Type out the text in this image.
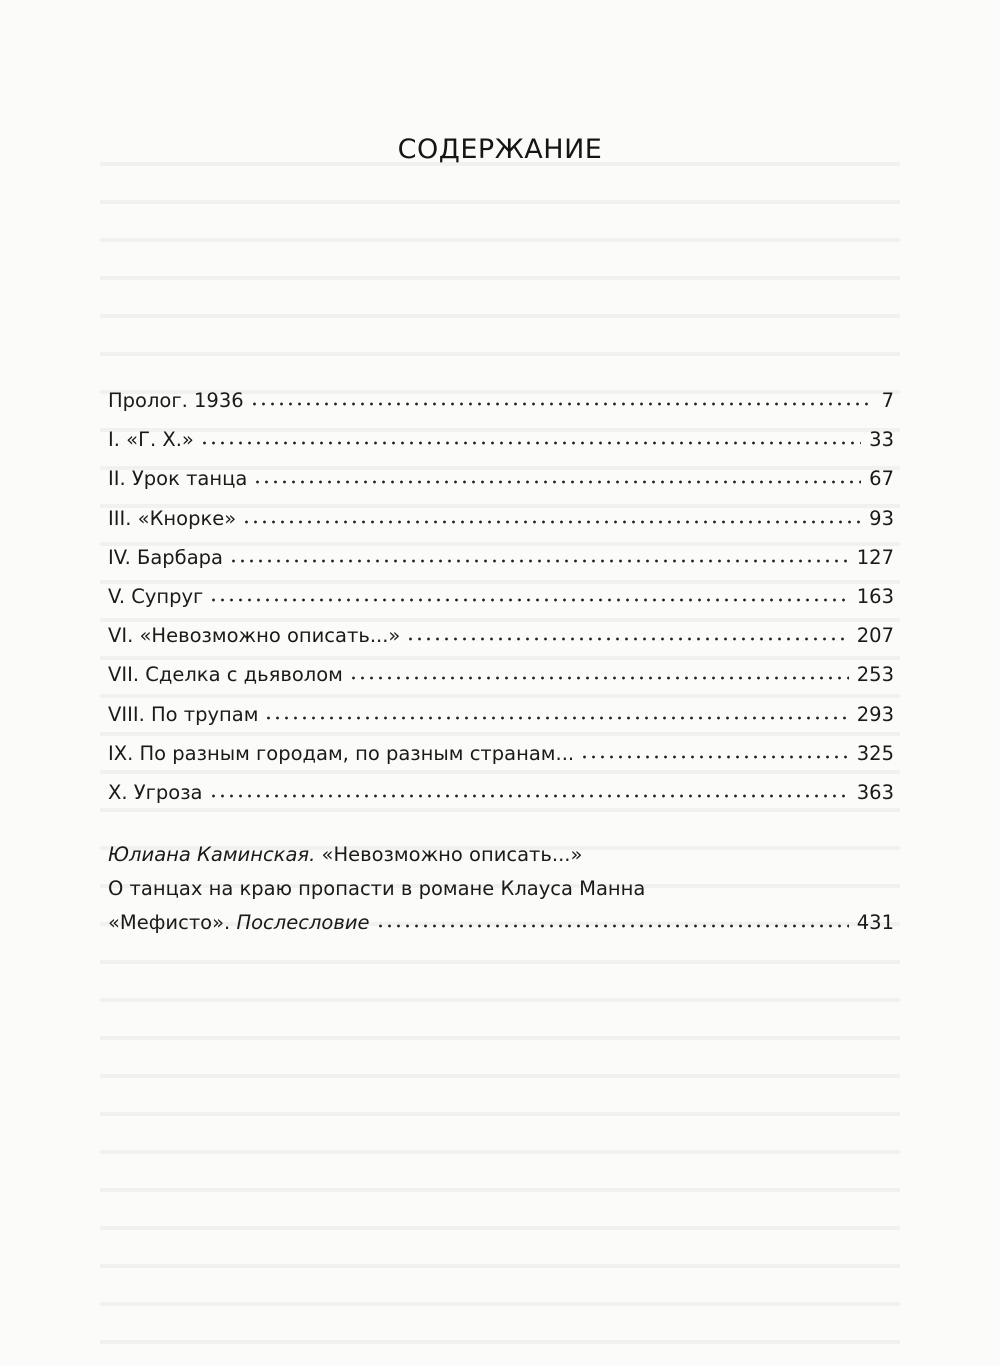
СОДЕРЖАНИЕ
Пролог. 1936	7
I. «Г. Х.»	33
II. Урок танца	67
III. «Кнорке»	93
IV. Барбара	127
V. Супруг	163
VI. «Невозможно описать...»	207
VII. Сделка с дьяволом	253
VIII. По трупам	293
IX. По разным городам, по разным странам...	325
X. Угроза	363
Юлиана Каминская. «Невозможно описать...»
О танцах на краю пропасти в романе Клауса Манна
«Мефисто». Послесловие	431
